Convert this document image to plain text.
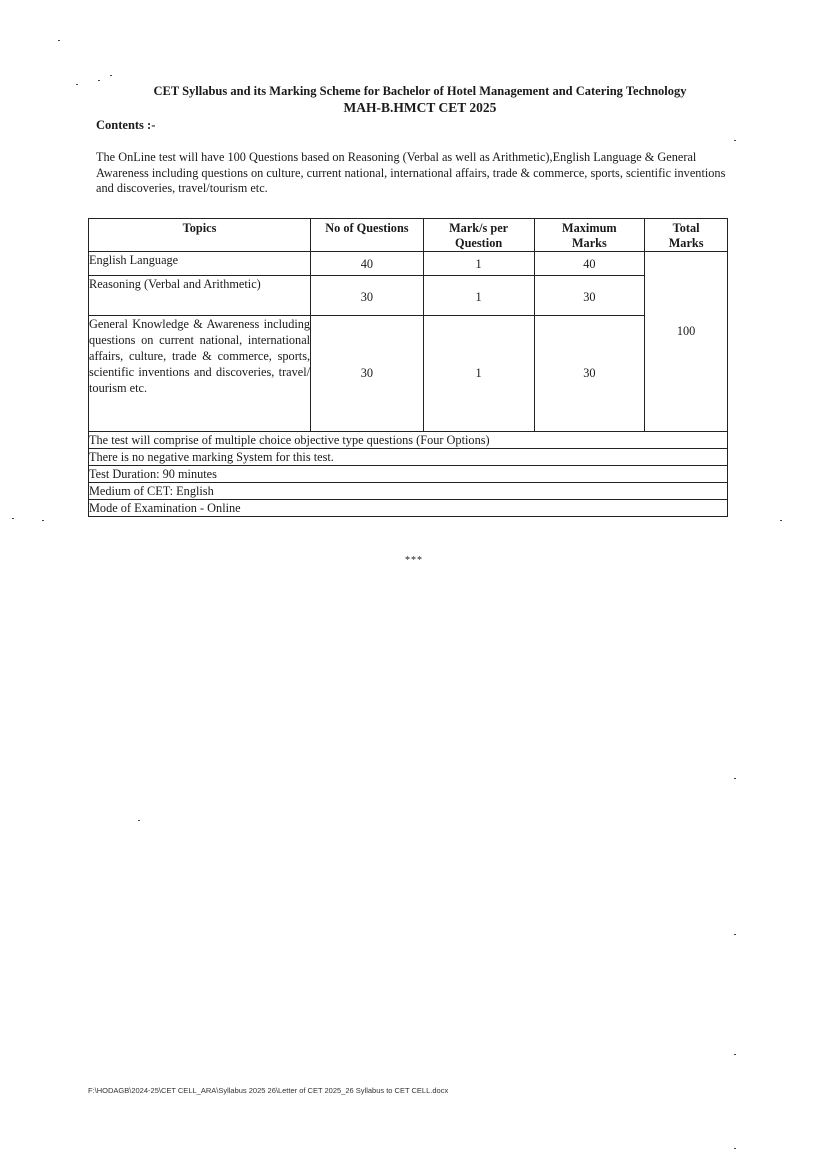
CET Syllabus and its Marking Scheme for Bachelor of Hotel Management and Catering Technology
MAH-B.HMCT CET 2025
Contents :-
The OnLine test will have 100 Questions based on Reasoning (Verbal as well as Arithmetic),English Language & General Awareness including questions on culture, current national, international affairs, trade & commerce, sports, scientific inventions and discoveries, travel/tourism etc.
Topics	No of Questions	Mark/s per Question	Maximum Marks	Total Marks
English Language	40	1	40	100
Reasoning (Verbal and Arithmetic)	30	1	30	
General Knowledge & Awareness including questions on current national, international affairs, culture, trade & commerce, sports, scientific inventions and discoveries, travel/ tourism etc.	30	1	30	
The test will comprise of multiple choice objective type questions (Four Options)				
There is no negative marking System for this test.				
Test Duration: 90 minutes				
Medium of CET: English				
Mode of Examination - Online				
***
F:\HODAGB\2024-25\CET CELL_ARA\Syllabus 2025 26\Letter of CET 2025_26 Syllabus to CET CELL.docx
